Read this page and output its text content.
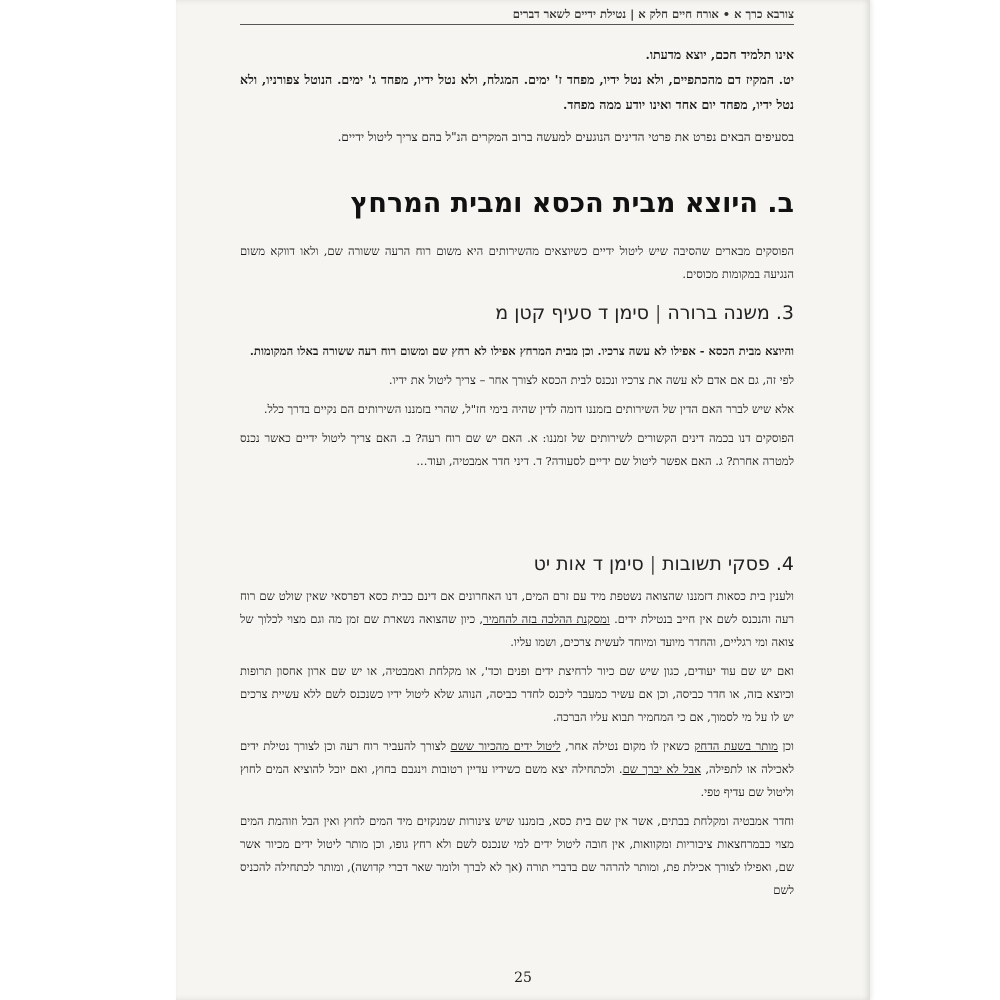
צורבא כרך א • אורח חיים חלק א | נטילת ידיים לשאר דברים

אינו תלמיד חכם, יוצא מדעתו.

יט. המקיז דם מהכתפיים, ולא נטל ידיו, מפחד ז' ימים. המגלח, ולא נטל ידיו, מפחד ג' ימים. הנוטל צפורניו, ולא נטל ידיו, מפחד יום אחד ואינו יודע ממה מפחד.

בסעיפים הבאים נפרט את פרטי הדינים הנוגעים למעשה ברוב המקרים הנ"ל בהם צריך ליטול ידיים.

ב. היוצא מבית הכסא ומבית המרחץ

הפוסקים מבארים שהסיבה שיש ליטול ידיים כשיוצאים מהשירותים היא משום רוח הרעה ששורה שם, ולאו דווקא משום הנגיעה במקומות מכוסים.

3. משנה ברורה|סימן ד סעיף קטן מ

והיוצא מבית הכסא - אפילו לא עשה צרכיו. וכן מבית המרחץ אפילו לא רחץ שם ומשום רוח רעה ששורה באלו המקומות.

לפי זה, גם אם אדם לא עשה את צרכיו ונכנס לבית הכסא לצורך אחר – צריך ליטול את ידיו.

אלא שיש לברר האם הדין של השירותים בזמננו דומה לדין שהיה בימי חז"ל, שהרי בזמננו השירותים הם נקיים בדרך כלל.

הפוסקים דנו בכמה דינים הקשורים לשירותים של זמננו: א. האם יש שם רוח רעה? ב. האם צריך ליטול ידיים כאשר נכנס למטרה אחרת? ג. האם אפשר ליטול שם ידיים לסעודה? ד. דיני חדר אמבטיה, ועוד...

4. פסקי תשובות|סימן ד אות יט

ולענין בית כסאות דזמננו שהצואה נשטפת מיד עם זרם המים, דנו האחרונים אם דינם כבית כסא דפרסאי שאין שולט שם רוח רעה והנכנס לשם אין חייב בנטילת ידים. ומסקנת ההלכה בזה להחמיר, כיון שהצואה נשארת שם זמן מה וגם מצוי לכלוך של צואה ומי רגליים, והחדר מיועד ומיוחד לעשית צרכים, ושמו עליו.

ואם יש שם עוד יעודים, כגון שיש שם כיור לרחיצת ידים ופנים וכד', או מקלחת ואמבטיה, או יש שם ארון אחסון תרופות וכיוצא בזה, או חדר כביסה, וכן אם עשיר כמעבר ליכנס לחדר כביסה, הנוהג שלא ליטול ידיו כשנכנס לשם ללא עשיית צרכים יש לו על מי לסמוך, אם כי המחמיר תבוא עליו הברכה.

וכן מותר בשעת הדחק כשאין לו מקום נטילה אחר, ליטול ידים מהכיור ששם לצורך להעביר רוח רעה וכן לצורך נטילת ידים לאכילה או לתפילה, אבל לא יברך שם. ולכתחילה יצא משם כשידיו עדיין רטובות וינגבם בחוץ, ואם יוכל להוציא המים לחוץ וליטול שם עדיף טפי.

וחדר אמבטיה ומקלחת בבתים, אשר אין שם בית כסא, בזמננו שיש צינורות שמנקזים מיד המים לחוץ ואין הבל וזוהמת המים מצוי כבמרחצאות ציבוריות ומקוואות, אין חובה ליטול ידים למי שנכנס לשם ולא רחץ גופו, וכן מותר ליטול ידים מכיור אשר שם, ואפילו לצורך אכילת פת, ומותר להרהר שם בדברי תורה (אך לא לברך ולומר שאר דברי קדושה), ומותר לכתחילה להכניס לשם

25
